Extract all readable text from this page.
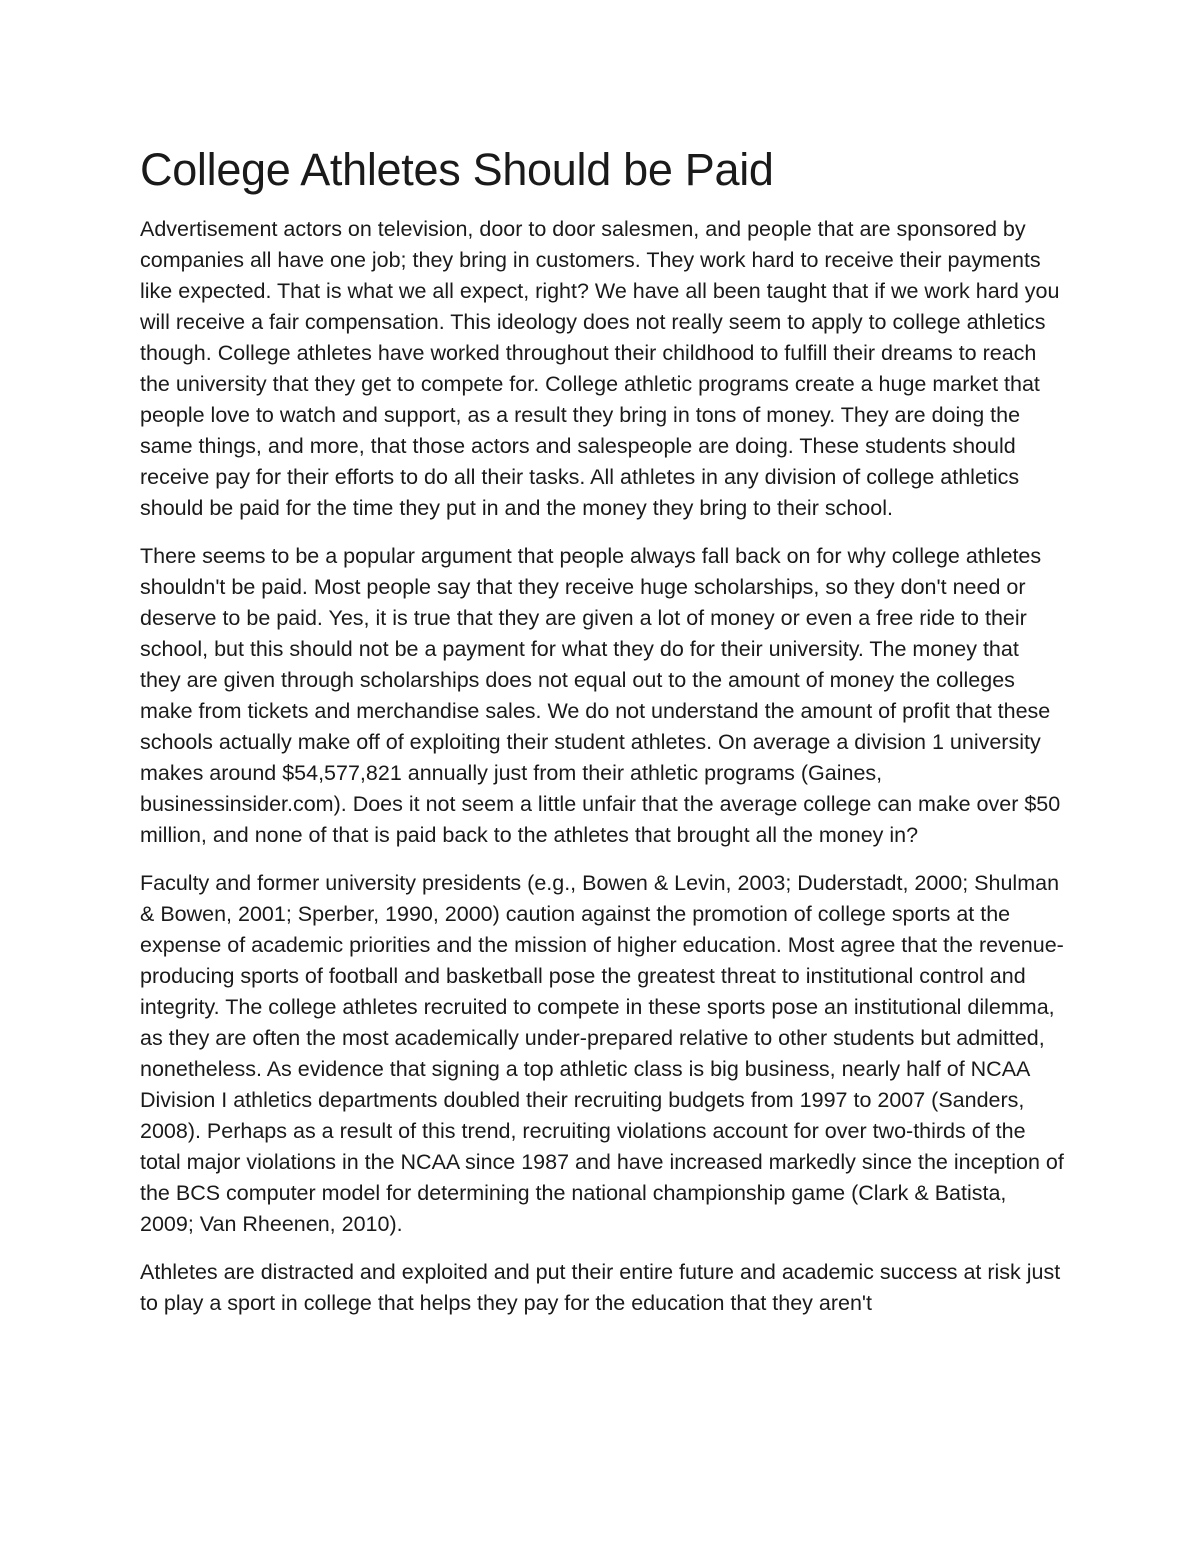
College Athletes Should be Paid

Advertisement actors on television, door to door salesmen, and people that are sponsored by companies all have one job; they bring in customers. They work hard to receive their payments like expected. That is what we all expect, right? We have all been taught that if we work hard you will receive a fair compensation. This ideology does not really seem to apply to college athletics though. College athletes have worked throughout their childhood to fulfill their dreams to reach the university that they get to compete for. College athletic programs create a huge market that people love to watch and support, as a result they bring in tons of money. They are doing the same things, and more, that those actors and salespeople are doing. These students should receive pay for their efforts to do all their tasks. All athletes in any division of college athletics should be paid for the time they put in and the money they bring to their school.

There seems to be a popular argument that people always fall back on for why college athletes shouldn't be paid. Most people say that they receive huge scholarships, so they don't need or deserve to be paid. Yes, it is true that they are given a lot of money or even a free ride to their school, but this should not be a payment for what they do for their university. The money that they are given through scholarships does not equal out to the amount of money the colleges make from tickets and merchandise sales. We do not understand the amount of profit that these schools actually make off of exploiting their student athletes. On average a division 1 university makes around $54,577,821 annually just from their athletic programs (Gaines, businessinsider.com). Does it not seem a little unfair that the average college can make over $50 million, and none of that is paid back to the athletes that brought all the money in?

Faculty and former university presidents (e.g., Bowen & Levin, 2003; Duderstadt, 2000; Shulman & Bowen, 2001; Sperber, 1990, 2000) caution against the promotion of college sports at the expense of academic priorities and the mission of higher education. Most agree that the revenue-producing sports of football and basketball pose the greatest threat to institutional control and integrity. The college athletes recruited to compete in these sports pose an institutional dilemma, as they are often the most academically under-prepared relative to other students but admitted, nonetheless. As evidence that signing a top athletic class is big business, nearly half of NCAA Division I athletics departments doubled their recruiting budgets from 1997 to 2007 (Sanders, 2008). Perhaps as a result of this trend, recruiting violations account for over two-thirds of the total major violations in the NCAA since 1987 and have increased markedly since the inception of the BCS computer model for determining the national championship game (Clark & Batista, 2009; Van Rheenen, 2010).

Athletes are distracted and exploited and put their entire future and academic success at risk just to play a sport in college that helps they pay for the education that they aren't
